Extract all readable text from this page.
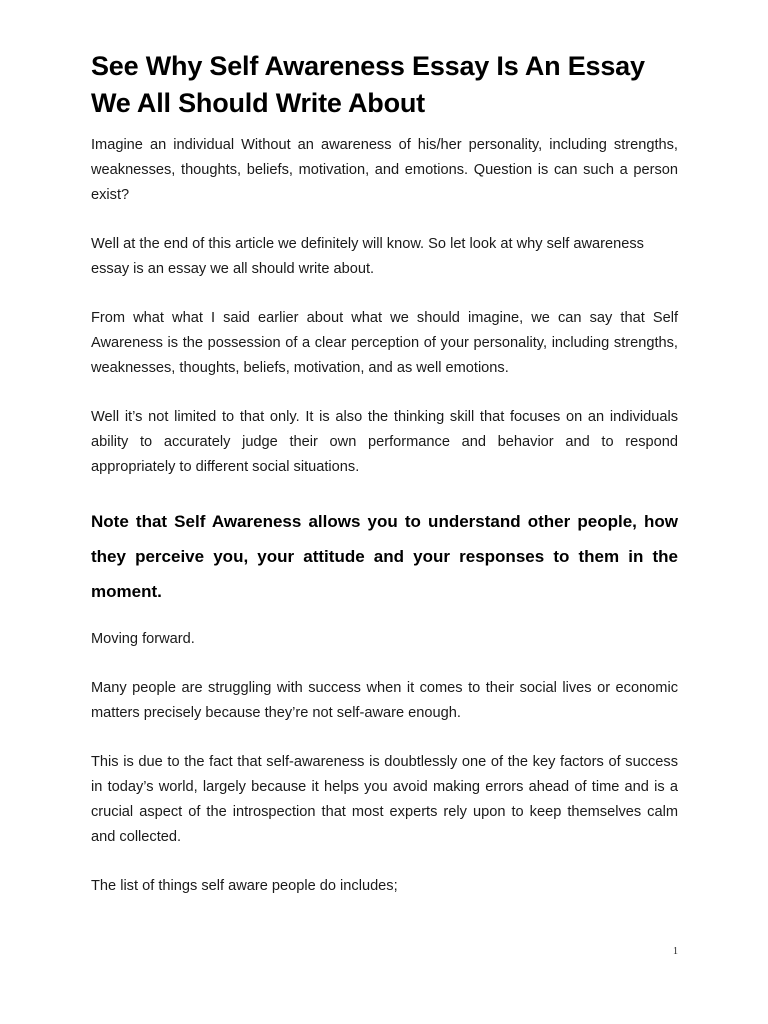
See Why Self Awareness Essay Is An Essay We All Should Write About

Imagine an individual Without an awareness of his/her personality, including strengths, weaknesses, thoughts, beliefs, motivation, and emotions. Question is can such a person exist?

Well at the end of this article we definitely will know. So let look at why self awareness essay is an essay we all should write about.

From what what I said earlier about what we should imagine, we can say that Self Awareness is the possession of a clear perception of your personality, including strengths, weaknesses, thoughts, beliefs, motivation, and as well emotions.

Well it’s not limited to that only. It is also the thinking skill that focuses on an individuals ability to accurately judge their own performance and behavior and to respond appropriately to different social situations.

Note that Self Awareness allows you to understand other people, how they perceive you, your attitude and your responses to them in the moment.

Moving forward.

Many people are struggling with success when it comes to their social lives or economic matters precisely because they’re not self-aware enough.

This is due to the fact that self-awareness is doubtlessly one of the key factors of success in today’s world, largely because it helps you avoid making errors ahead of time and is a crucial aspect of the introspection that most experts rely upon to keep themselves calm and collected.

The list of things self aware people do includes;

1
